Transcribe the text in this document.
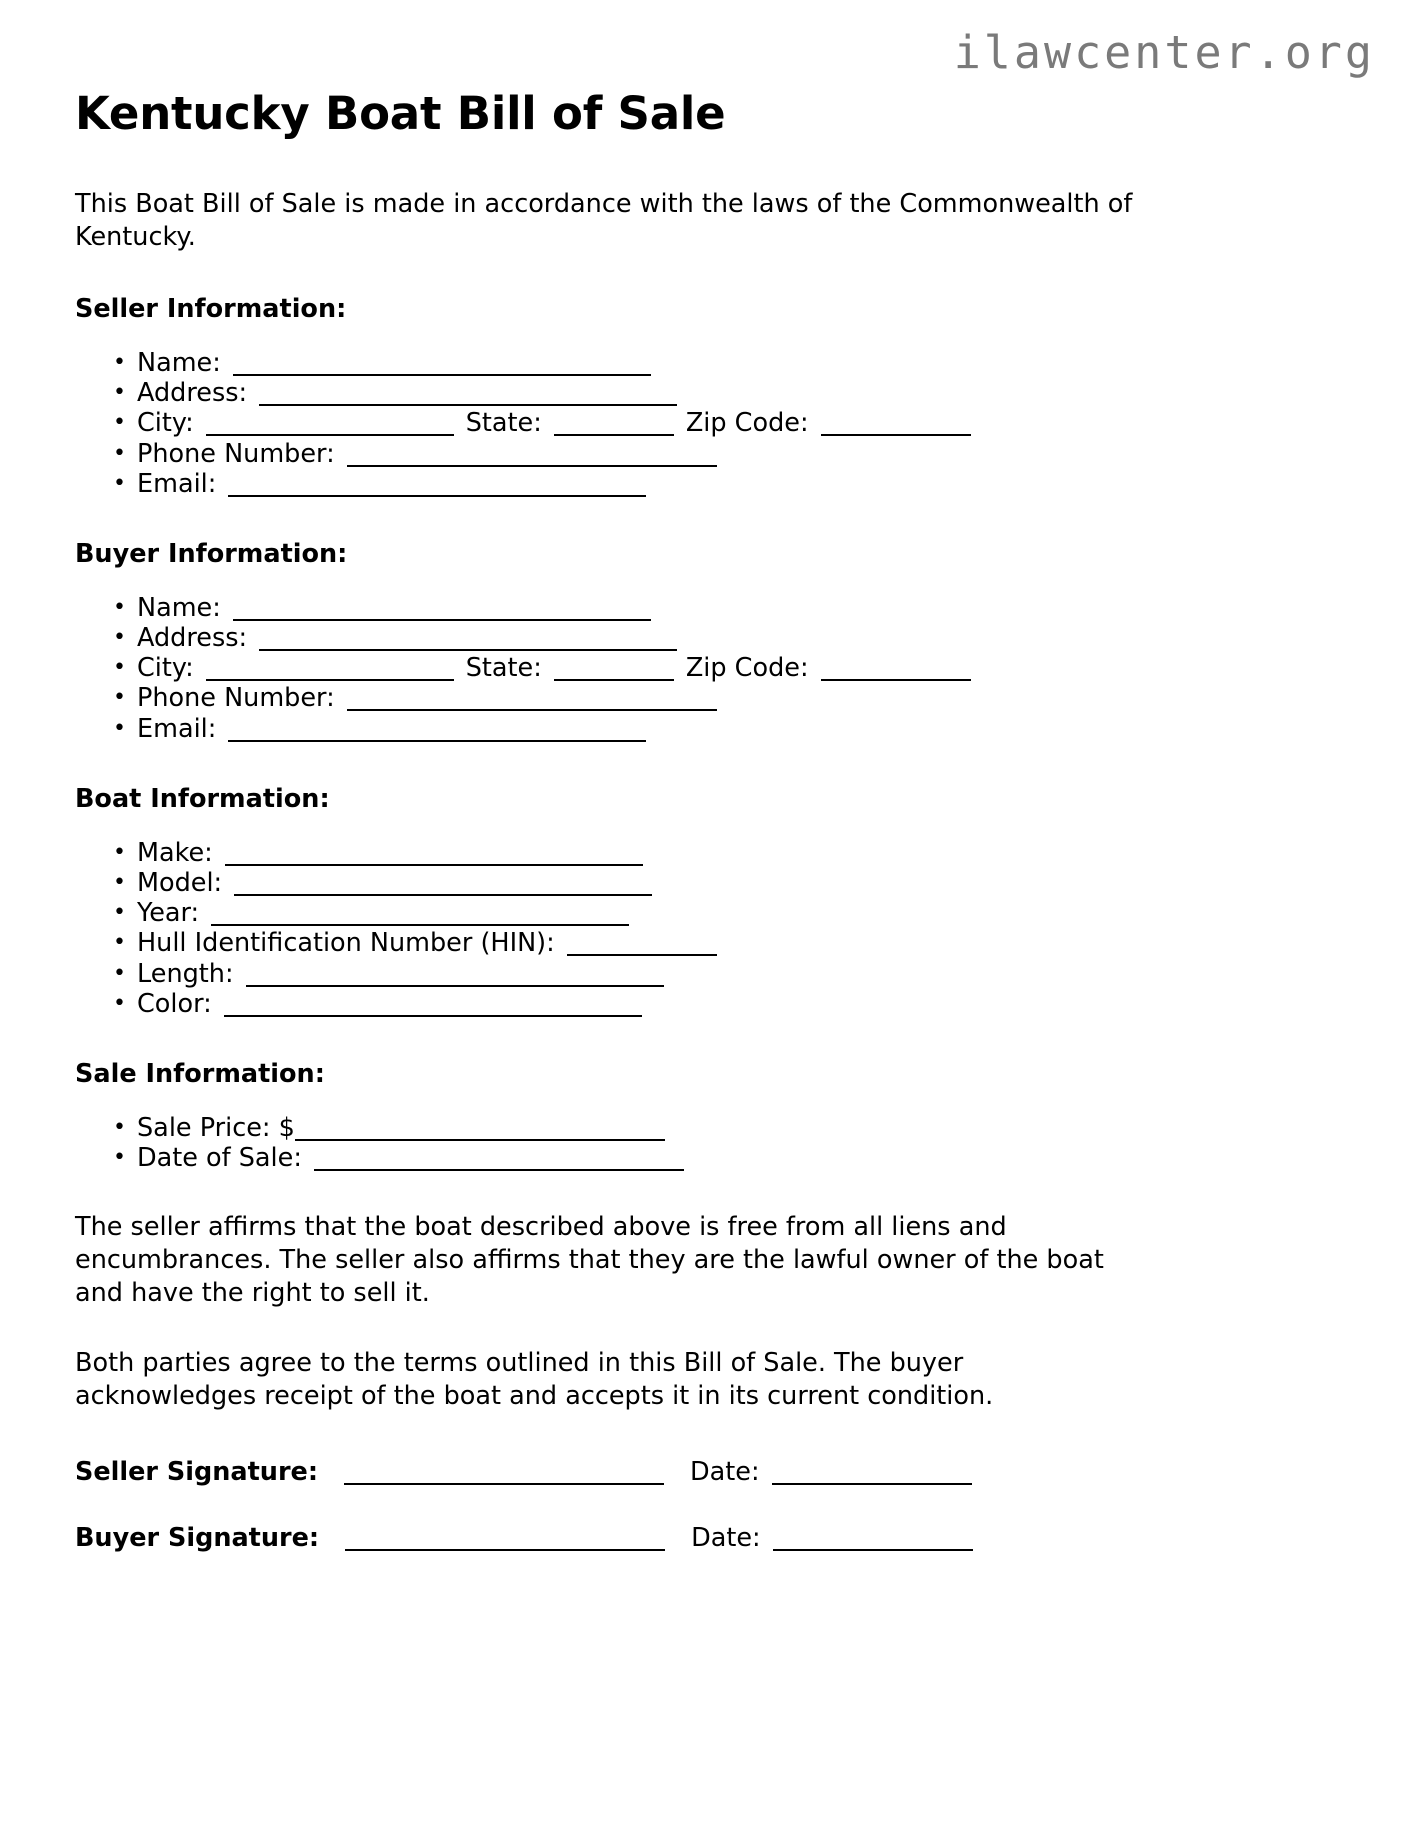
ilawcenter.org
Kentucky Boat Bill of Sale

This Boat Bill of Sale is made in accordance with the laws of the Commonwealth of Kentucky.

Seller Information:
• Name:
• Address:
• City:	State:	Zip Code:
• Phone Number:
• Email:
Buyer Information:
• Name:
• Address:
• City:	State:	Zip Code:
• Phone Number:
• Email:
Boat Information:
• Make:
• Model:
• Year:
• Hull Identification Number (HIN):
• Length:
• Color:
Sale Information:
• Sale Price: $
• Date of Sale:

The seller affirms that the boat described above is free from all liens and encumbrances. The seller also affirms that they are the lawful owner of the boat and have the right to sell it.

Both parties agree to the terms outlined in this Bill of Sale. The buyer acknowledges receipt of the boat and accepts it in its current condition.

Seller Signature:	Date:
Buyer Signature:	Date:
